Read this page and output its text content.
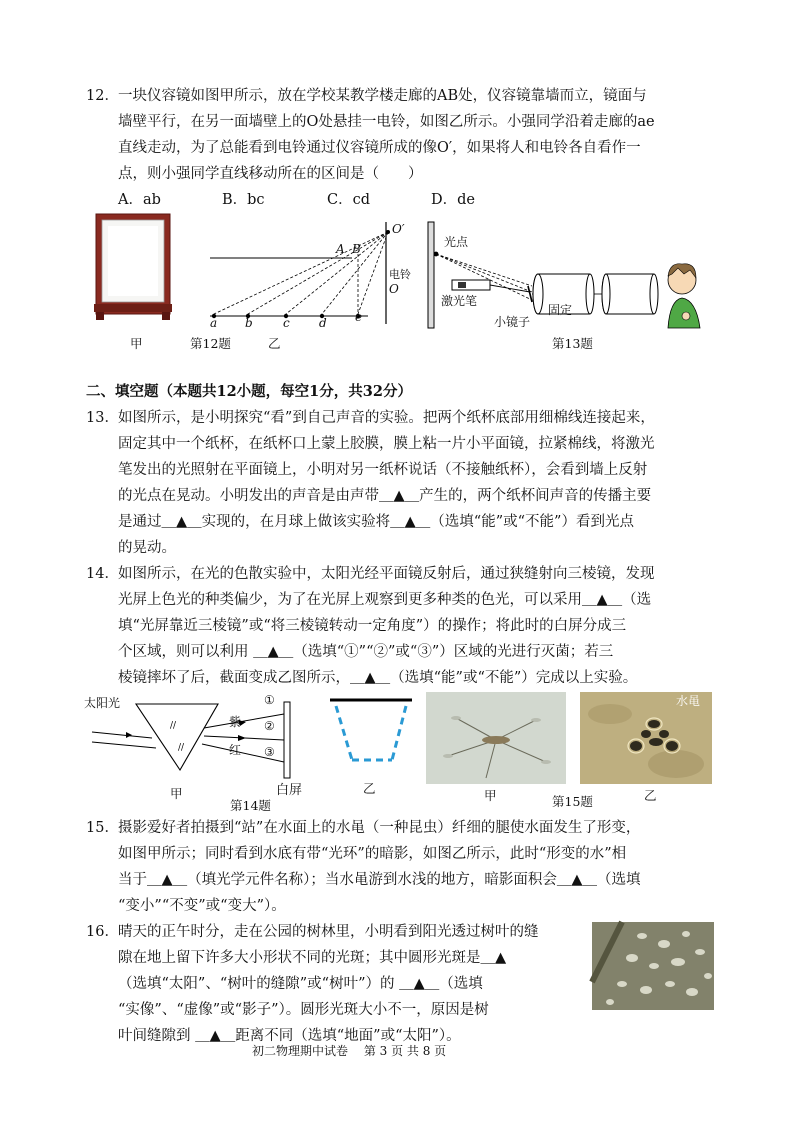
12． 一块仪容镜如图甲所示，放在学校某教学楼走廊的AB处，仪容镜靠墙而立，镜面与
墙壁平行，在另一面墙壁上的O处悬挂一电铃，如图乙所示。小强同学沿着走廊的ae
直线走动，为了总能看到电铃通过仪容镜所成的像O′，如果将人和电铃各自看作一
点，则小强同学直线移动所在的区间是（　　）
A．ab	B．bc	C．cd	D．de
甲	第12题	乙
O′
A B
电铃
O
a b	c d e
光点
激光笔
小镜子
固定
第13题
二、填空题（本题共12小题，每空1分，共32分）
13． 如图所示，是小明探究“看”到自己声音的实验。把两个纸杯底部用细棉线连接起来，
固定其中一个纸杯，在纸杯口上蒙上胶膜，膜上粘一片小平面镜，拉紧棉线，将激光
笔发出的光照射在平面镜上，小明对另一纸杯说话（不接触纸杯），会看到墙上反射
的光点在晃动。小明发出的声音是由声带＿▲＿产生的，两个纸杯间声音的传播主要
是通过＿▲＿实现的，在月球上做该实验将＿▲＿（选填“能”或“不能”）看到光点
的晃动。
14． 如图所示，在光的色散实验中，太阳光经平面镜反射后，通过狭缝射向三棱镜，发现
光屏上色光的种类偏少，为了在光屏上观察到更多种类的色光，可以采用＿▲＿（选
填“光屏靠近三棱镜”或“将三棱镜转动一定角度”）的操作；将此时的白屏分成三
个区域，则可以利用 ＿▲＿（选填“①”“②”或“③”）区域的光进行灭菌；若三
棱镜摔坏了后，截面变成乙图所示，＿▲＿（选填“能”或“不能”）完成以上实验。
//
//
太阳光
紫
红
①
②
③
白屏
甲
第14题
乙	甲	第15题
水黾
乙
15． 摄影爱好者拍摄到“站”在水面上的水黾（一种昆虫）纤细的腿使水面发生了形变，
如图甲所示；同时看到水底有带“光环”的暗影，如图乙所示，此时“形变的水”相
当于＿▲＿（填光学元件名称）；当水黾游到水浅的地方，暗影面积会＿▲＿（选填
“变小”“不变”或“变大”）。
16． 晴天的正午时分，走在公园的树林里，小明看到阳光透过树叶的缝
隙在地上留下许多大小形状不同的光斑；其中圆形光斑是＿▲
（选填“太阳”、“树叶的缝隙”或“树叶”）的 ＿▲＿（选填
“实像”、“虚像”或“影子”）。圆形光斑大小不一，原因是树
叶间缝隙到 ＿▲＿距离不同（选填“地面”或“太阳”）。
初二物理期中试卷　 第 3 页 共 8 页
